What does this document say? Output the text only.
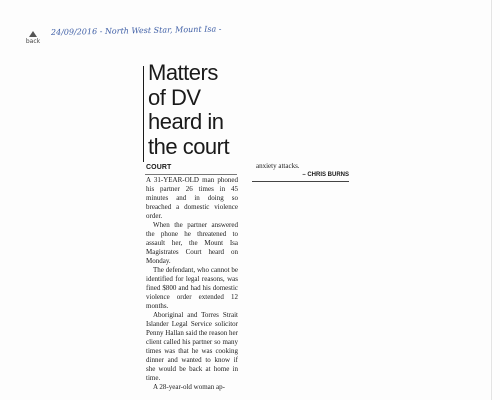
back
24/09/2016 - North West Star, Mount Isa -
Matters
of DV
heard in
the court
COURT

A 31-YEAR-OLD man phoned his partner 26 times in 45 minutes and in doing so breached a domestic violence order.

When the partner answered the phone he threatened to assault her, the Mount Isa Magistrates Court heard on Monday.

The defendant, who cannot be identified for legal reasons, was fined $800 and had his domestic violence order extended 12 months.

Aboriginal and Torres Strait Islander Legal Service solicitor Penny Hallan said the reason her client called his partner so many times was that he was cooking dinner and wanted to know if she would be back at home in time.

A 28-year-old woman ap-

anxiety attacks.
– CHRIS BURNS
